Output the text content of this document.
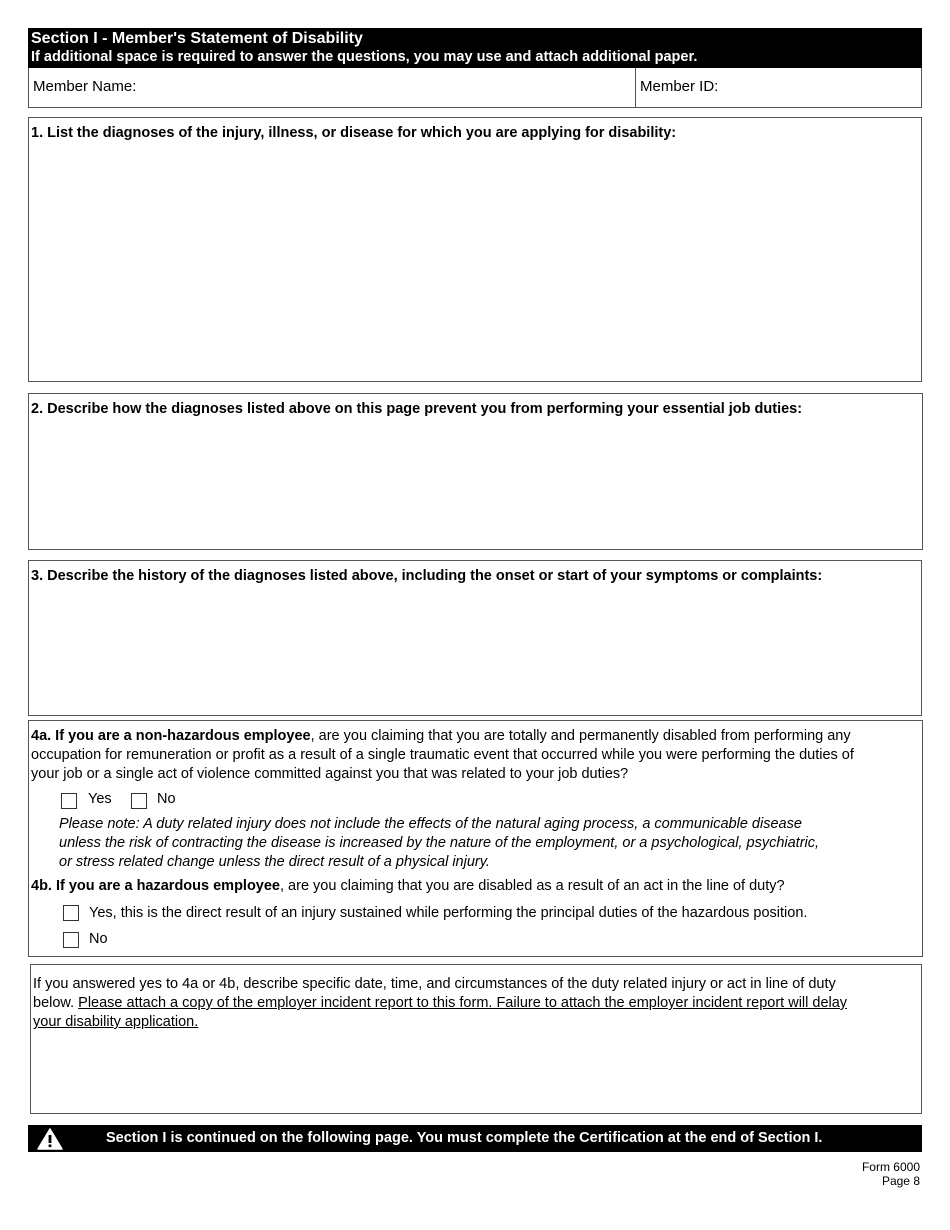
Section I - Member's Statement of Disability
If additional space is required to answer the questions, you may use and attach additional paper.
Member Name:	Member ID:
1. List the diagnoses of the injury, illness, or disease for which you are applying for disability:
2. Describe how the diagnoses listed above on this page prevent you from performing your essential job duties:
3. Describe the history of the diagnoses listed above, including the onset or start of your symptoms or complaints:
4a. If you are a non-hazardous employee, are you claiming that you are totally and permanently disabled from performing any
occupation for remuneration or profit as a result of a single traumatic event that occurred while you were performing the duties of
your job or a single act of violence committed against you that was related to your job duties?
Yes	No
Please note: A duty related injury does not include the effects of the natural aging process, a communicable disease
unless the risk of contracting the disease is increased by the nature of the employment, or a psychological, psychiatric,
or stress related change unless the direct result of a physical injury.
4b. If you are a hazardous employee, are you claiming that you are disabled as a result of an act in the line of duty?
Yes, this is the direct result of an injury sustained while performing the principal duties of the hazardous position.
No
If you answered yes to 4a or 4b, describe specific date, time, and circumstances of the duty related injury or act in line of duty
below. Please attach a copy of the employer incident report to this form. Failure to attach the employer incident report will delay
your disability application.
Section I is continued on the following page. You must complete the Certification at the end of Section I.
Form 6000
Page 8
